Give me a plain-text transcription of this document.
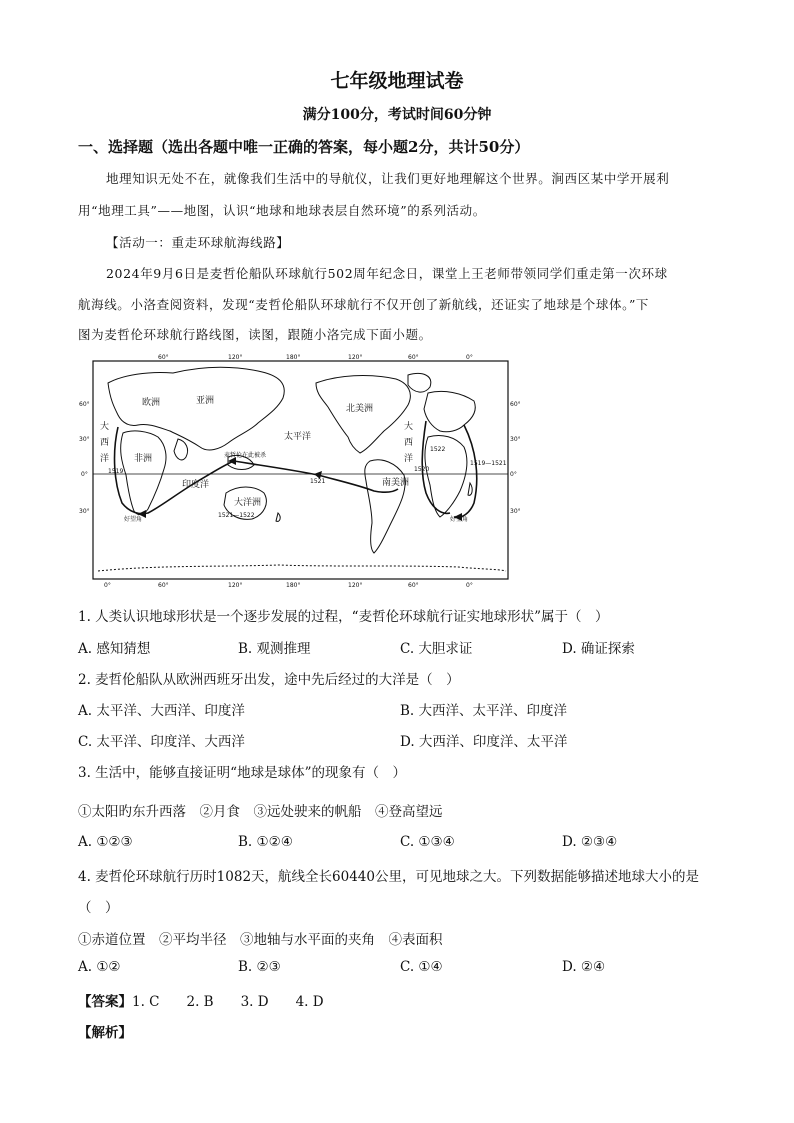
七年级地理试卷
满分100分，考试时间60分钟
一、选择题（选出各题中唯一正确的答案，每小题2分，共计50分）
地理知识无处不在，就像我们生活中的导航仪，让我们更好地理解这个世界。涧西区某中学开展利
用“地理工具”——地图，认识“地球和地球表层自然环境”的系列活动。
【活动一：重走环球航海线路】
2024年9月6日是麦哲伦船队环球航行502周年纪念日，课堂上王老师带领同学们重走第一次环球
航海线。小洛查阅资料，发现“麦哲伦船队环球航行不仅开创了新航线，还证实了地球是个球体。”下
图为麦哲伦环球航行路线图，读图，跟随小洛完成下面小题。
60°	120°	180°	120°	60°	0°
0°	60°	120°	180°	120°	60°	0°
60°
30°
0°
30°
60°
30°
0°
30°
欧洲	亚洲
非洲
印度洋
大洋洲
太平洋
北美洲
南美洲
大
西
洋
大
西
洋
好望角	好望角
麦哲伦在此被杀
1519	1520
1521
1522
1521—1522
1519—1521
1. 人类认识地球形状是一个逐步发展的过程，“麦哲伦环球航行证实地球形状”属于（　）
A. 感知猜想	B. 观测推理	C. 大胆求证	D. 确证探索
2. 麦哲伦船队从欧洲西班牙出发，途中先后经过的大洋是（　）
A. 太平洋、大西洋、印度洋	B. 大西洋、太平洋、印度洋
C. 太平洋、印度洋、大西洋	D. 大西洋、印度洋、太平洋
3. 生活中，能够直接证明“地球是球体”的现象有（　）
①太阳旳东升西落　②月食　③远处驶来的帆船　④登高望远
A. ①②③	B. ①②④	C. ①③④	D. ②③④
4. 麦哲伦环球航行历时1082天，航线全长60440公里，可见地球之大。下列数据能够描述地球大小的是
（　）
①赤道位置　②平均半径　③地轴与水平面的夹角　④表面积
A. ①②	B. ②③	C. ①④	D. ②④
【答案】1. C　　2. B　　3. D　　4. D
【解析】
